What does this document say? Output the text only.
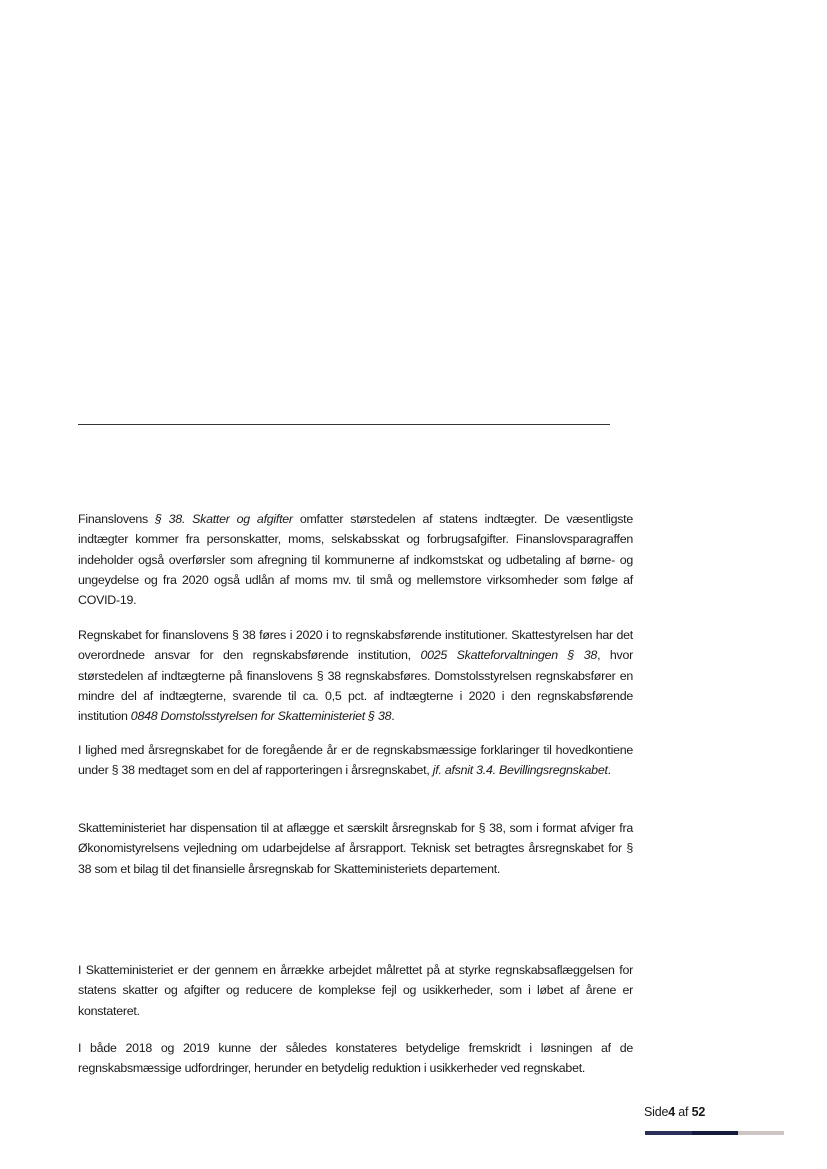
Finanslovens § 38. Skatter og afgifter omfatter størstedelen af statens indtægter. De væsentligste indtægter kommer fra personskatter, moms, selskabsskat og forbrugsafgifter. Finanslovsparagraffen indeholder også overførsler som afregning til kommunerne af indkomstskat og udbetaling af børne- og ungeydelse og fra 2020 også udlån af moms mv. til små og mellemstore virksomheder som følge af COVID-19.

Regnskabet for finanslovens § 38 føres i 2020 i to regnskabsførende institutioner. Skattestyrelsen har det overordnede ansvar for den regnskabsførende institution, 0025 Skatteforvaltningen § 38, hvor størstedelen af indtægterne på finanslovens § 38 regnskabsføres. Domstolsstyrelsen regnskabsfører en mindre del af indtægterne, svarende til ca. 0,5 pct. af indtægterne i 2020 i den regnskabsførende institution 0848 Domstolsstyrelsen for Skatteministeriet § 38.

I lighed med årsregnskabet for de foregående år er de regnskabsmæssige forklaringer til hovedkontiene under § 38 medtaget som en del af rapporteringen i årsregnskabet, jf. afsnit 3.4. Bevillingsregnskabet.

Skatteministeriet har dispensation til at aflægge et særskilt årsregnskab for § 38, som i format afviger fra Økonomistyrelsens vejledning om udarbejdelse af årsrapport. Teknisk set betragtes årsregnskabet for § 38 som et bilag til det finansielle årsregnskab for Skatteministeriets departement.

I Skatteministeriet er der gennem en årrække arbejdet målrettet på at styrke regnskabsaflæggelsen for statens skatter og afgifter og reducere de komplekse fejl og usikkerheder, som i løbet af årene er konstateret.

I både 2018 og 2019 kunne der således konstateres betydelige fremskridt i løsningen af de regnskabsmæssige udfordringer, herunder en betydelig reduktion i usikkerheder ved regnskabet.

Side4 af 52
